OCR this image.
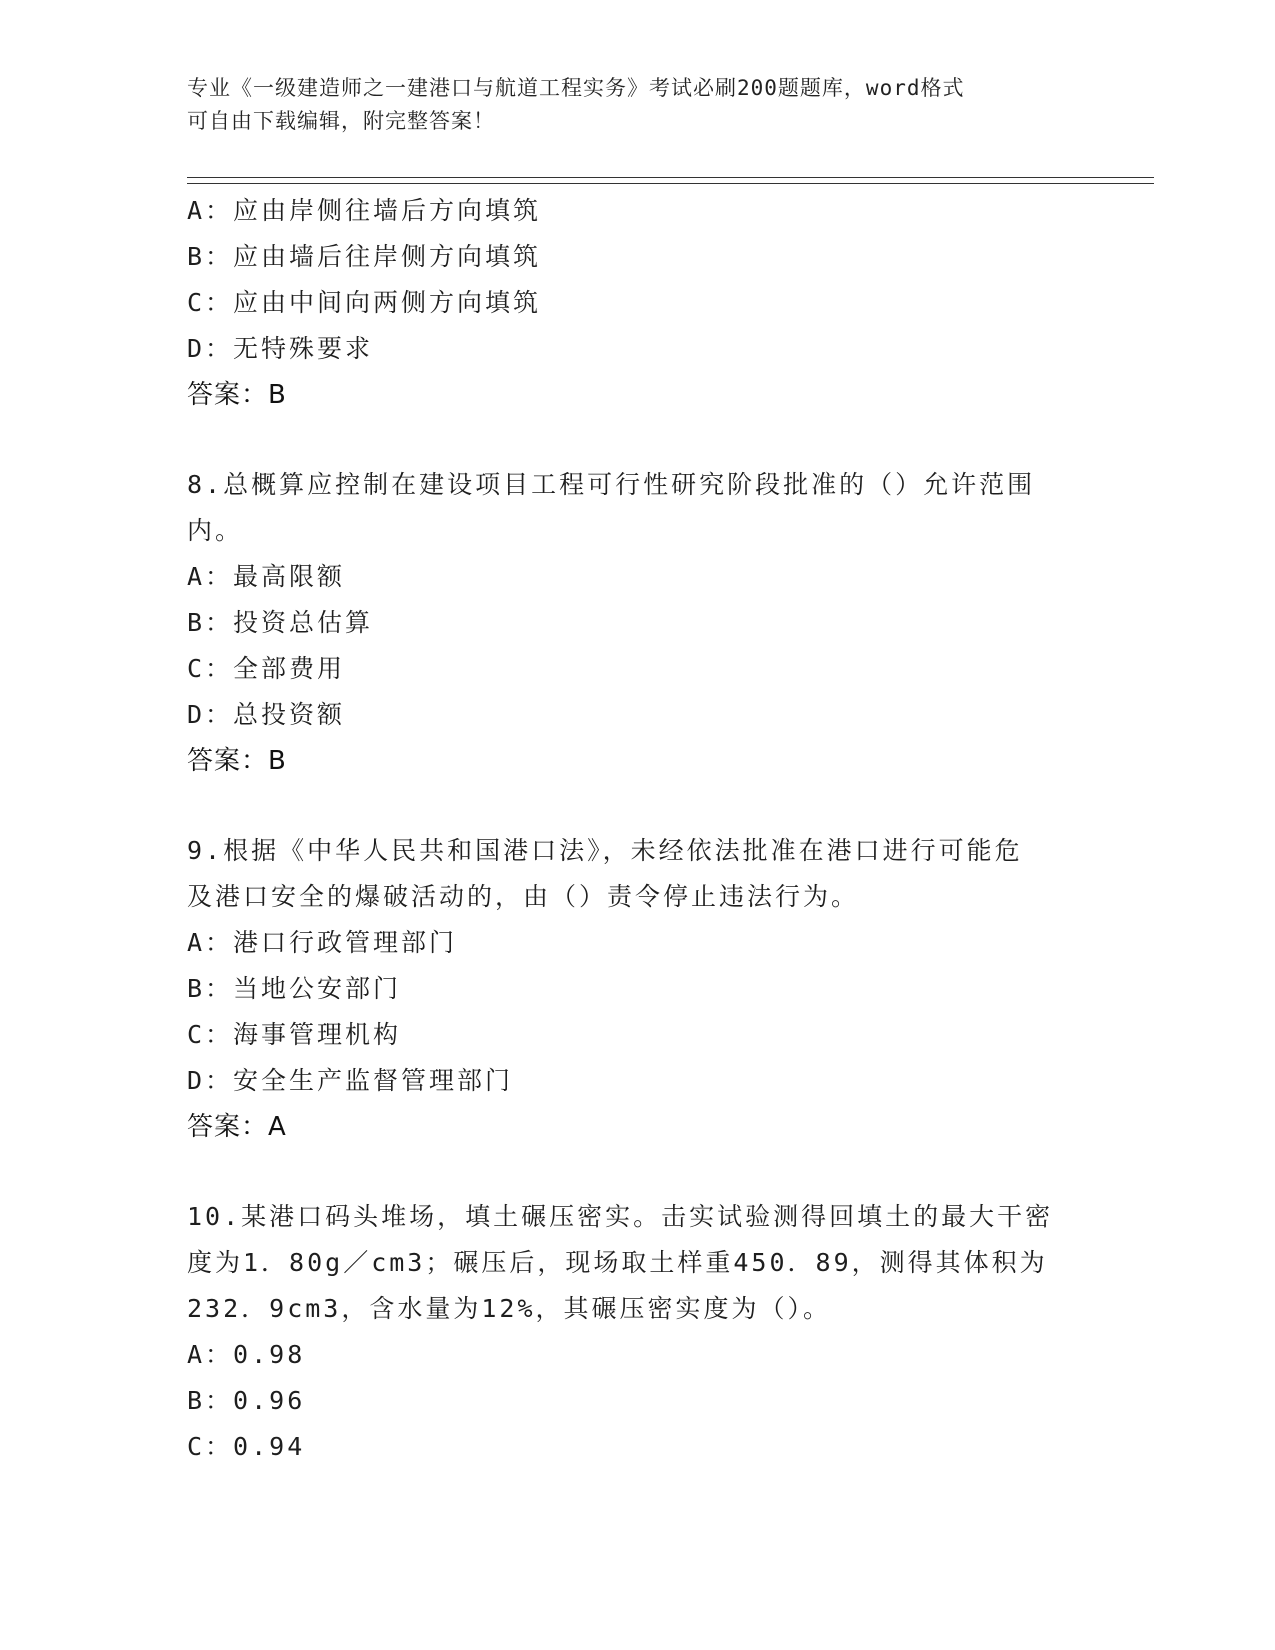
专业《一级建造师之一建港口与航道工程实务》考试必刷200题题库，word格式
可自由下载编辑，附完整答案！
A：应由岸侧往墙后方向填筑
B：应由墙后往岸侧方向填筑
C：应由中间向两侧方向填筑
D：无特殊要求
答案：B
8.总概算应控制在建设项目工程可行性研究阶段批准的（）允许范围
内。
A：最高限额
B：投资总估算
C：全部费用
D：总投资额
答案：B
9.根据《中华人民共和国港口法》，未经依法批准在港口进行可能危
及港口安全的爆破活动的，由（）责令停止违法行为。
A：港口行政管理部门
B：当地公安部门
C：海事管理机构
D：安全生产监督管理部门
答案：A
10.某港口码头堆场，填土碾压密实。击实试验测得回填土的最大干密
度为1．80g／cm3；碾压后，现场取土样重450．89，测得其体积为
232．9cm3，含水量为12%，其碾压密实度为（）。
A：0.98
B：0.96
C：0.94
